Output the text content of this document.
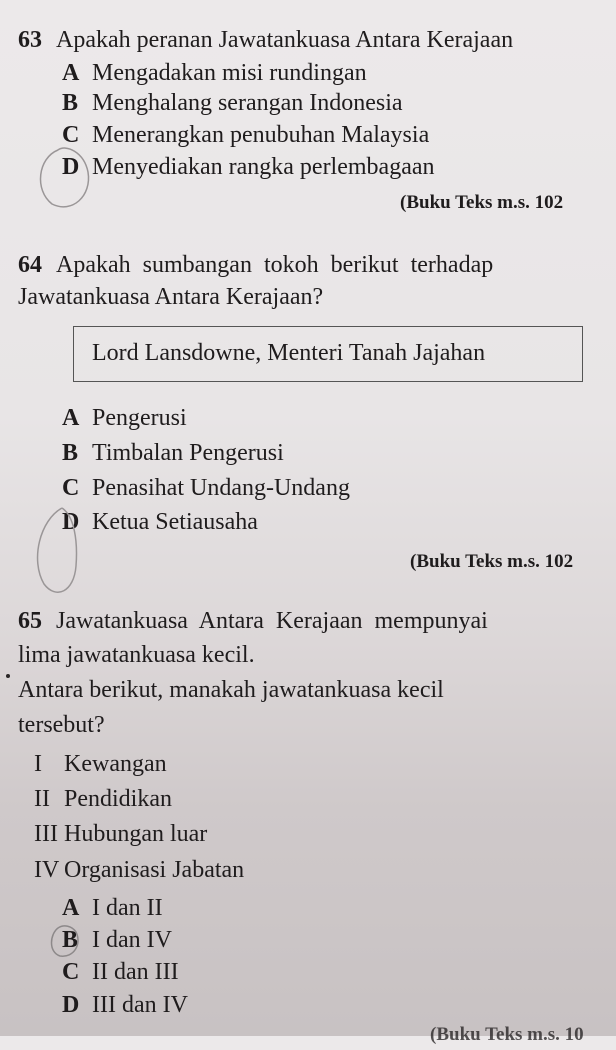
63 Apakah peranan Jawatankuasa Antara Kerajaan
A Mengadakan misi rundingan
B Menghalang serangan Indonesia
C Menerangkan penubuhan Malaysia
D Menyediakan rangka perlembagaan
(Buku Teks m.s. 102
64 Apakah sumbangan tokoh berikut terhadap
Jawatankuasa Antara Kerajaan?
Lord Lansdowne, Menteri Tanah Jajahan
A Pengerusi
B Timbalan Pengerusi
C Penasihat Undang-Undang
D Ketua Setiausaha
(Buku Teks m.s. 102
65 Jawatankuasa Antara Kerajaan mempunyai
lima jawatankuasa kecil.
Antara berikut, manakah jawatankuasa kecil
tersebut?
I Kewangan
II Pendidikan
III Hubungan luar
IV Organisasi Jabatan
A I dan II
B I dan IV
C II dan III
D III dan IV
(Buku Teks m.s. 10
